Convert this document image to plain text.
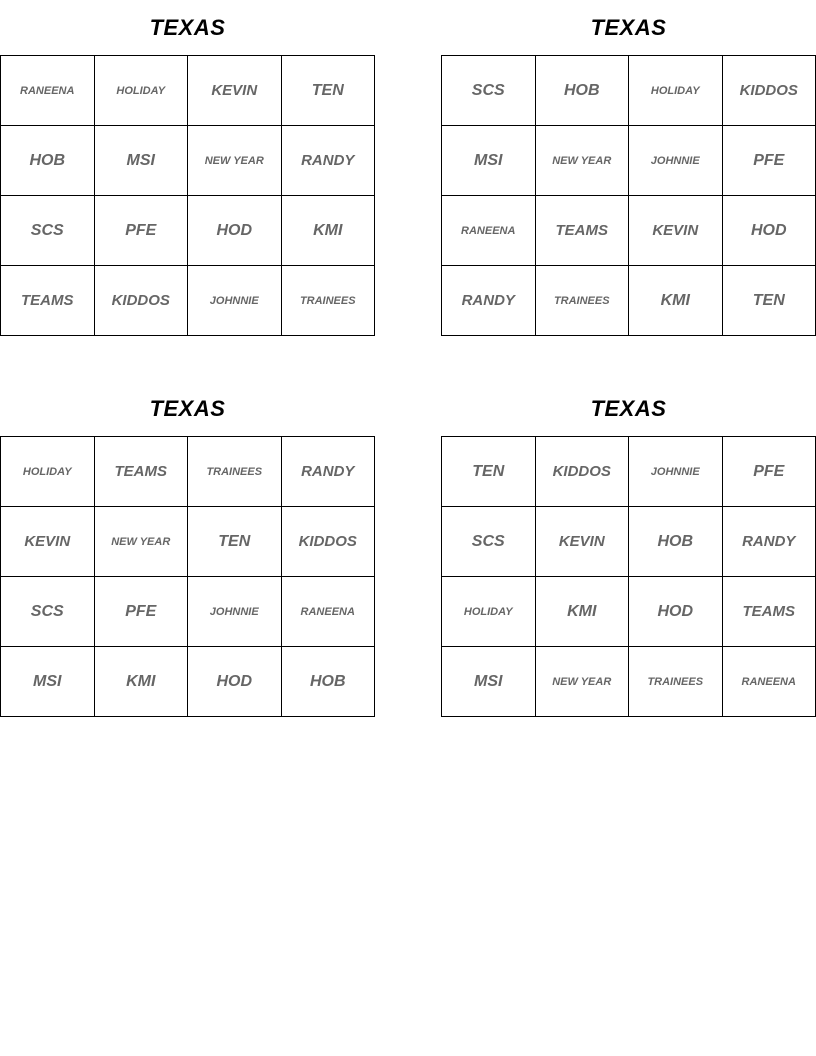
TEXAS
RANEENA	HOLIDAY	KEVIN	TEN
HOB	MSI	NEW YEAR	RANDY
SCS	PFE	HOD	KMI
TEAMS	KIDDOS	JOHNNIE	TRAINEES
TEXAS
SCS	HOB	HOLIDAY	KIDDOS
MSI	NEW YEAR	JOHNNIE	PFE
RANEENA	TEAMS	KEVIN	HOD
RANDY	TRAINEES	KMI	TEN
TEXAS
HOLIDAY	TEAMS	TRAINEES	RANDY
KEVIN	NEW YEAR	TEN	KIDDOS
SCS	PFE	JOHNNIE	RANEENA
MSI	KMI	HOD	HOB
TEXAS
TEN	KIDDOS	JOHNNIE	PFE
SCS	KEVIN	HOB	RANDY
HOLIDAY	KMI	HOD	TEAMS
MSI	NEW YEAR	TRAINEES	RANEENA
